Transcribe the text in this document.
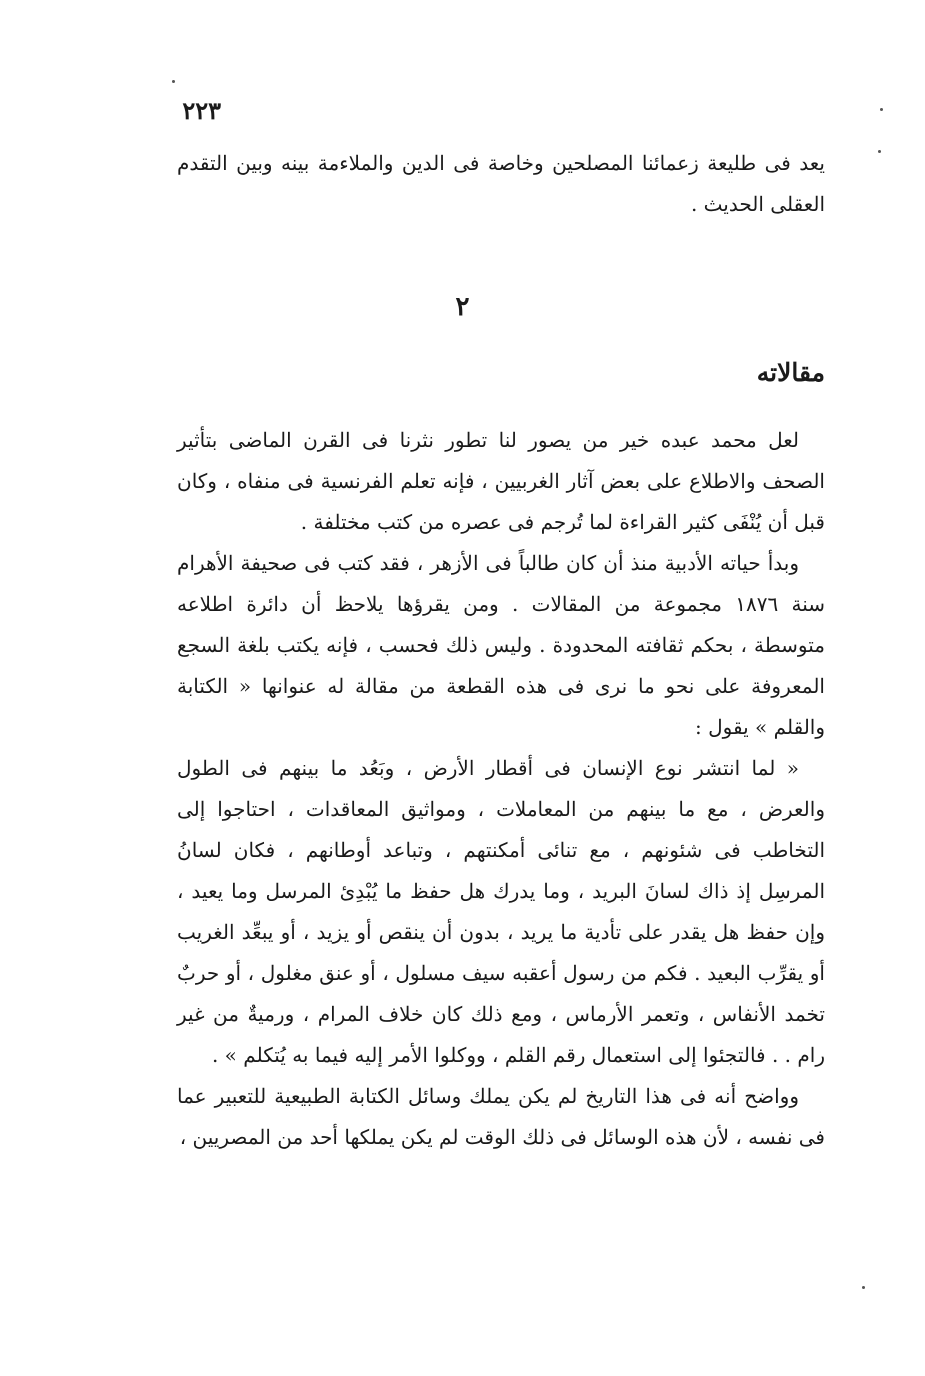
٢٢٣

يعد فى طليعة زعمائنا المصلحين وخاصة فى الدين والملاءمة بينه وبين التقدم العقلى الحديث .

٢
مقالاته

لعل محمد عبده خير من يصور لنا تطور نثرنا فى القرن الماضى بتأثير الصحف والاطلاع على بعض آثار الغربيين ، فإنه تعلم الفرنسية فى منفاه ، وكان قبل أن يُنْفَى كثير القراءة لما تُرجم فى عصره من كتب مختلفة .

وبدأ حياته الأدبية منذ أن كان طالباً فى الأزهر ، فقد كتب فى صحيفة الأهرام سنة ١٨٧٦ مجموعة من المقالات . ومن يقرؤها يلاحظ أن دائرة اطلاعه متوسطة ، بحكم ثقافته المحدودة . وليس ذلك فحسب ، فإنه يكتب بلغة السجع المعروفة على نحو ما نرى فى هذه القطعة من مقالة له عنوانها « الكتابة والقلم » يقول :

« لما انتشر نوع الإنسان فى أقطار الأرض ، وبَعُد ما بينهم فى الطول والعرض ، مع ما بينهم من المعاملات ، ومواثيق المعاقدات ، احتاجوا إلى التخاطب فى شئونهم ، مع تنائى أمكنتهم ، وتباعد أوطانهم ، فكان لسانُ المرسِل إذ ذاك لسانَ البريد ، وما يدرك هل حفظ ما يُبْدِئ المرسل وما يعيد ، وإن حفظ هل يقدر على تأدية ما يريد ، بدون أن ينقص أو يزيد ، أو يبعِّد الغريب أو يقرِّب البعيد . فكم من رسول أعقبه سيف مسلول ، أو عنق مغلول ، أو حربٌ تخمد الأنفاس ، وتعمر الأرماس ، ومع ذلك كان خلاف المرام ، ورميةٌ من غير رام . . فالتجئوا إلى استعمال رقم القلم ، ووكلوا الأمر إليه فيما به يُتكلم » .

وواضح أنه فى هذا التاريخ لم يكن يملك وسائل الكتابة الطبيعية للتعبير عما فى نفسه ، لأن هذه الوسائل فى ذلك الوقت لم يكن يملكها أحد من المصريين ،
